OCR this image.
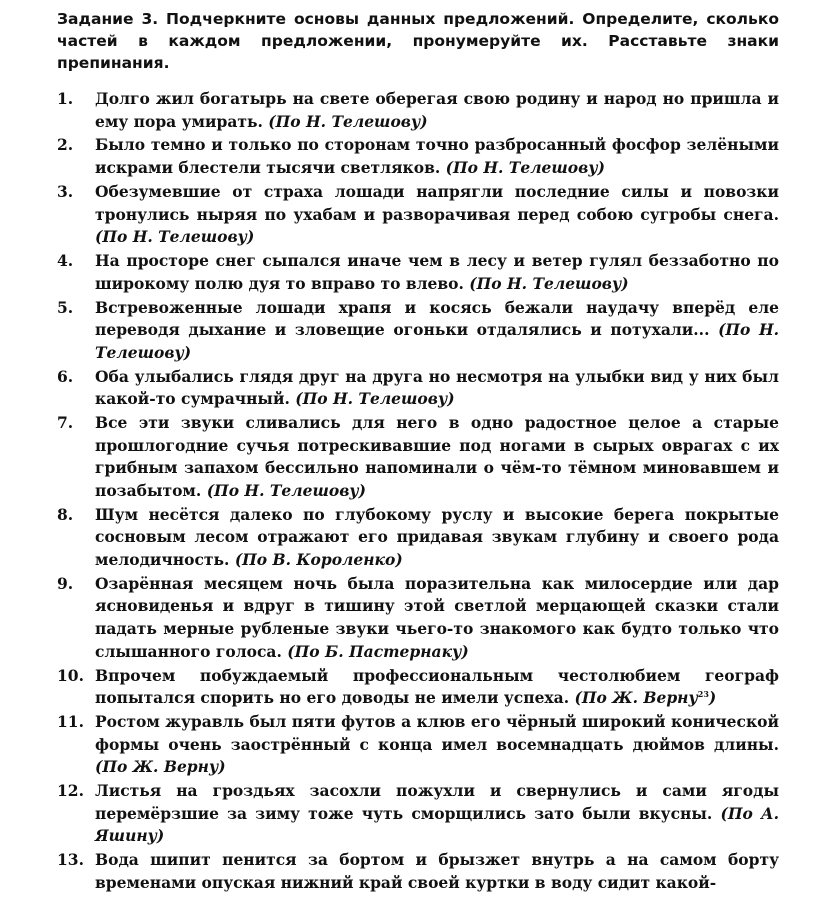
Задание 3. Подчеркните основы данных предложений. Определите, сколько частей в каждом предложении, пронумеруйте их. Расставьте знаки препинания.

1.	Долго жил богатырь на свете оберегая свою родину и народ но пришла и ему пора умирать. (По Н. Телешову)
2.	Было темно и только по сторонам точно разбросанный фосфор зелёными искрами блестели тысячи светляков. (По Н. Телешову)
3.	Обезумевшие от страха лошади напрягли последние силы и повозки тронулись ныряя по ухабам и разворачивая перед собою сугробы снега. (По Н. Телешову)
4.	На просторе снег сыпался иначе чем в лесу и ветер гулял беззаботно по широкому полю дуя то вправо то влево. (По Н. Телешову)
5.	Встревоженные лошади храпя и косясь бежали наудачу вперёд еле переводя дыхание и зловещие огоньки отдалялись и потухали... (По Н. Телешову)
6.	Оба улыбались глядя друг на друга но несмотря на улыбки вид у них был какой-то сумрачный. (По Н. Телешову)
7.	Все эти звуки сливались для него в одно радостное целое а старые прошлогодние сучья потрескивавшие под ногами в сырых оврагах с их грибным запахом бессильно напоминали о чём-то тёмном миновавшем и позабытом. (По Н. Телешову)
8.	Шум несётся далеко по глубокому руслу и высокие берега покрытые сосновым лесом отражают его придавая звукам глубину и своего рода мелодичность. (По В. Короленко)
9.	Озарённая месяцем ночь была поразительна как милосердие или дар ясновиденья и вдруг в тишину этой светлой мерцающей сказки стали падать мерные рубленые звуки чьего-то знакомого как будто только что слышанного голоса. (По Б. Пастернаку)
10. Впрочем побуждаемый профессиональным честолюбием географ попытался спорить но его доводы не имели успеха. (По Ж. Верну$^{23}$)
11. Ростом журавль был пяти футов а клюв его чёрный широкий конической формы очень заострённый с конца имел восемнадцать дюймов длины. (По Ж. Верну)
12. Листья на гроздьях засохли пожухли и свернулись и сами ягоды перемёрзшие за зиму тоже чуть сморщились зато были вкусны. (По А. Яшину)
13. Вода шипит пенится за бортом и брызжет внутрь а на самом борту временами опуская нижний край своей куртки в воду сидит какой-
